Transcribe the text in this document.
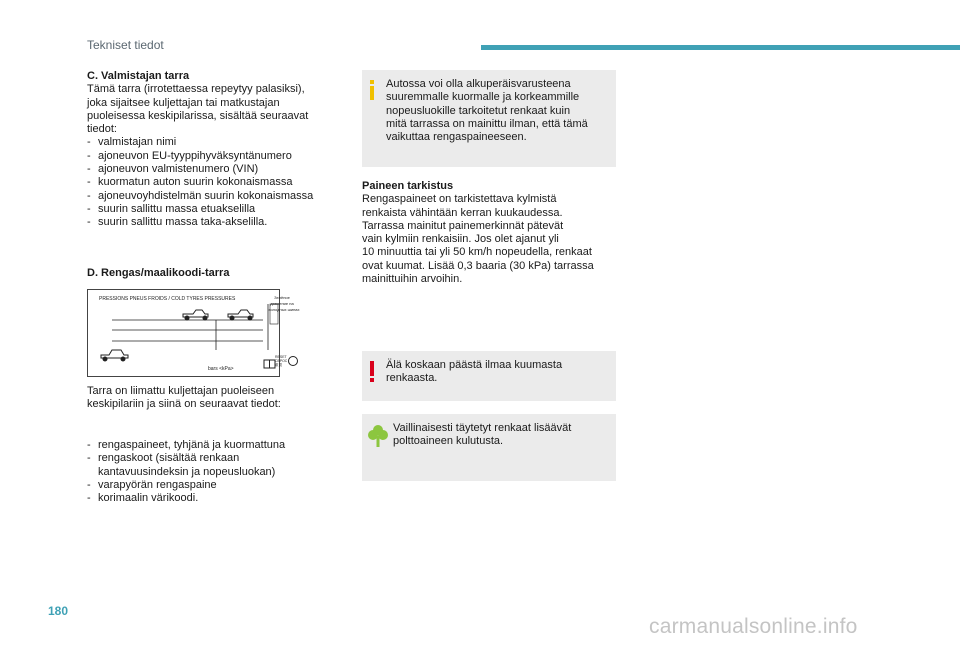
Tekniset tiedot
C. Valmistajan tarra
Tämä tarra (irrotettaessa repeytyy palasiksi),
joka sijaitsee kuljettajan tai matkustajan
puoleisessa keskipilarissa, sisältää seuraavat
tiedot:
- valmistajan nimi
- ajoneuvon EU-tyyppihyväksyntänumero
- ajoneuvon valmistenumero (VIN)
- kuormatun auton suurin kokonaismassa
- ajoneuvoyhdistelmän suurin kokonaismassa
- suurin sallittu massa etuakselilla
- suurin sallittu massa taka-akselilla.
D. Rengas/maalikoodi-tarra
PRESSIONS PNEUS FROIDS / COLD TYRES PRESSURES	Зелёное
давление на
холодных шинах
bars <kPa>
RESET
СБРОС
重置
Tarra on liimattu kuljettajan puoleiseen
keskipilariin ja siinä on seuraavat tiedot:
- rengaspaineet, tyhjänä ja kuormattuna
- rengaskoot (sisältää renkaan
kantavuusindeksin ja nopeusluokan)
- varapyörän rengaspaine
- korimaalin värikoodi.
Autossa voi olla alkuperäisvarusteena
suuremmalle kuormalle ja korkeammille
nopeusluokille tarkoitetut renkaat kuin
mitä tarrassa on mainittu ilman, että tämä
vaikuttaa rengaspaineeseen.
Paineen tarkistus
Rengaspaineet on tarkistettava kylmistä
renkaista vähintään kerran kuukaudessa.
Tarrassa mainitut painemerkinnät pätevät
vain kylmiin renkaisiin. Jos olet ajanut yli
10 minuuttia tai yli 50 km/h nopeudella, renkaat
ovat kuumat. Lisää 0,3 baaria (30 kPa) tarrassa
mainittuihin arvoihin.
Älä koskaan päästä ilmaa kuumasta
renkaasta.
Vaillinaisesti täytetyt renkaat lisäävät
polttoaineen kulutusta.
180
carmanualsonline.info
